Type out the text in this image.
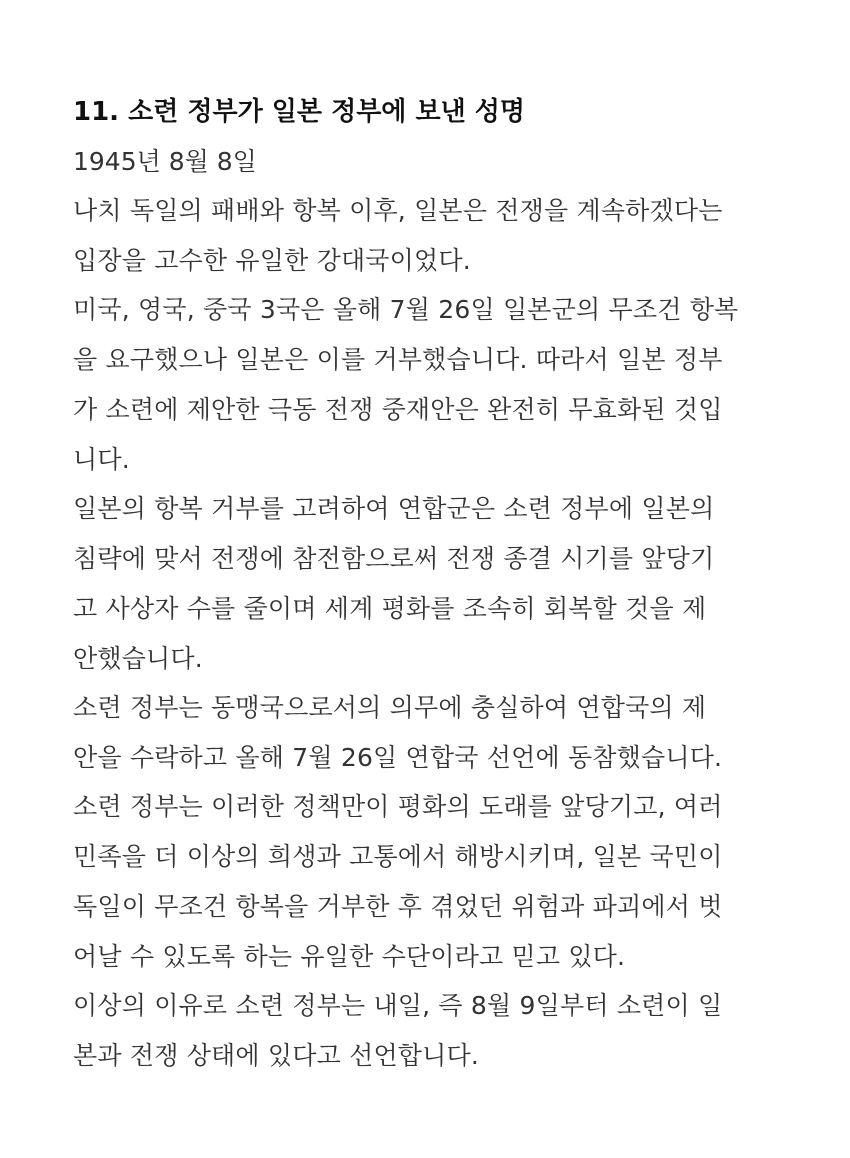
11. 소련 정부가 일본 정부에 보낸 성명
1945년 8월 8일
나치 독일의 패배와 항복 이후, 일본은 전쟁을 계속하겠다는
입장을 고수한 유일한 강대국이었다.
미국, 영국, 중국 3국은 올해 7월 26일 일본군의 무조건 항복
을 요구했으나 일본은 이를 거부했습니다. 따라서 일본 정부
가 소련에 제안한 극동 전쟁 중재안은 완전히 무효화된 것입
니다.
일본의 항복 거부를 고려하여 연합군은 소련 정부에 일본의
침략에 맞서 전쟁에 참전함으로써 전쟁 종결 시기를 앞당기
고 사상자 수를 줄이며 세계 평화를 조속히 회복할 것을 제
안했습니다.
소련 정부는 동맹국으로서의 의무에 충실하여 연합국의 제
안을 수락하고 올해 7월 26일 연합국 선언에 동참했습니다.
소련 정부는 이러한 정책만이 평화의 도래를 앞당기고, 여러
민족을 더 이상의 희생과 고통에서 해방시키며, 일본 국민이
독일이 무조건 항복을 거부한 후 겪었던 위험과 파괴에서 벗
어날 수 있도록 하는 유일한 수단이라고 믿고 있다.
이상의 이유로 소련 정부는 내일, 즉 8월 9일부터 소련이 일
본과 전쟁 상태에 있다고 선언합니다.
